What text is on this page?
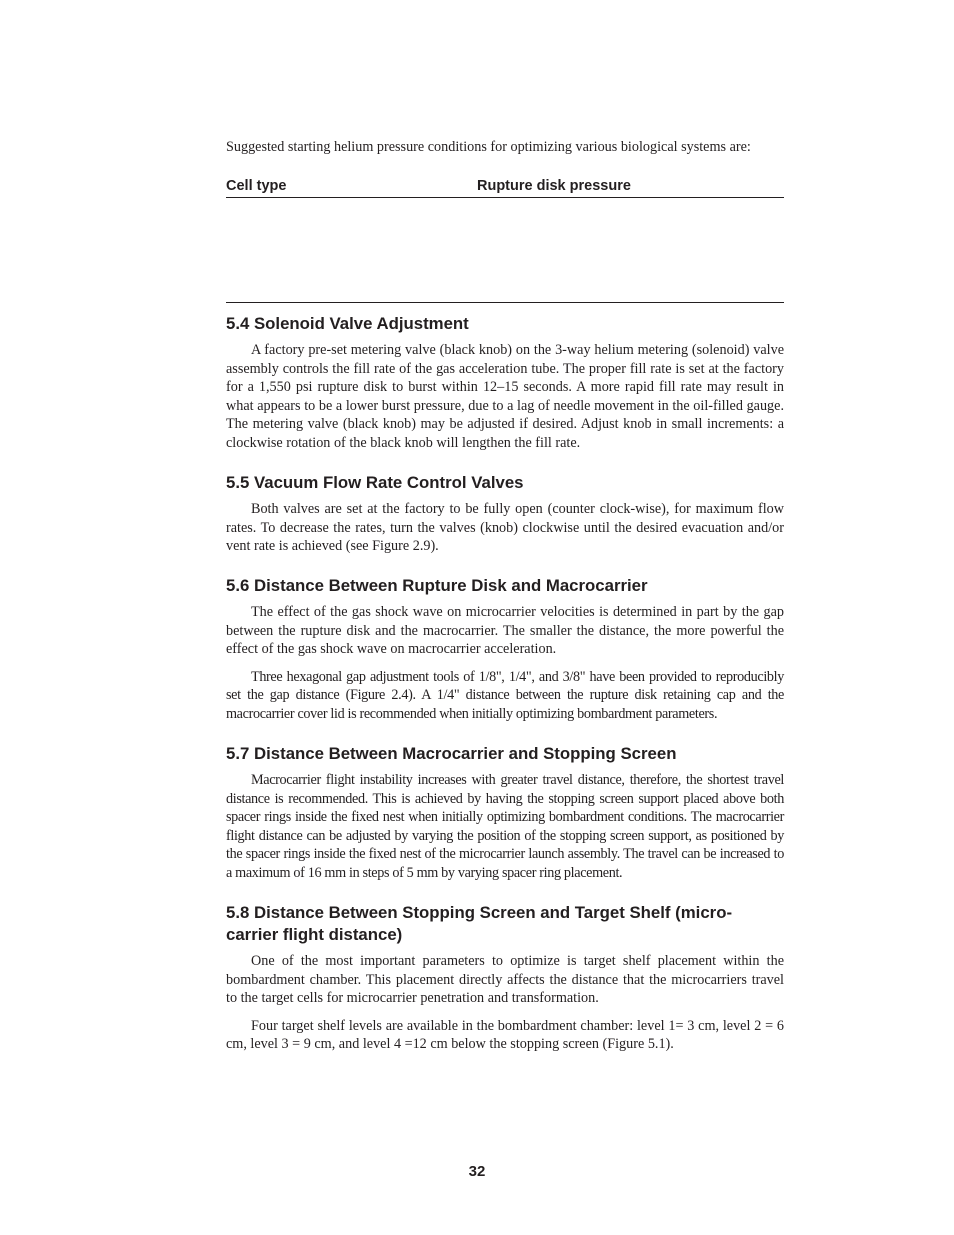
Suggested starting helium pressure conditions for optimizing various biological systems are:

Cell type	Rupture disk pressure
5.4 Solenoid Valve Adjustment

A factory pre-set metering valve (black knob) on the 3-way helium metering (solenoid) valve assembly controls the fill rate of the gas acceleration tube. The proper fill rate is set at the factory for a 1,550 psi rupture disk to burst within 12–15 seconds. A more rapid fill rate may result in what appears to be a lower burst pressure, due to a lag of needle movement in the oil-filled gauge. The metering valve (black knob) may be adjusted if desired. Adjust knob in small increments: a clockwise rotation of the black knob will lengthen the fill rate.

5.5 Vacuum Flow Rate Control Valves

Both valves are set at the factory to be fully open (counter clock-wise), for maximum flow rates. To decrease the rates, turn the valves (knob) clockwise until the desired evacuation and/or vent rate is achieved (see Figure 2.9).

5.6 Distance Between Rupture Disk and Macrocarrier

The effect of the gas shock wave on microcarrier velocities is determined in part by the gap between the rupture disk and the macrocarrier. The smaller the distance, the more powerful the effect of the gas shock wave on macrocarrier acceleration.

Three hexagonal gap adjustment tools of 1/8", 1/4", and 3/8" have been provided to reproducibly set the gap distance (Figure 2.4). A 1/4" distance between the rupture disk retaining cap and the macrocarrier cover lid is recommended when initially optimizing bombardment parameters.

5.7 Distance Between Macrocarrier and Stopping Screen

Macrocarrier flight instability increases with greater travel distance, therefore, the shortest travel distance is recommended. This is achieved by having the stopping screen support placed above both spacer rings inside the fixed nest when initially optimizing bombardment conditions. The macrocarrier flight distance can be adjusted by varying the position of the stopping screen support, as positioned by the spacer rings inside the fixed nest of the microcarrier launch assembly. The travel can be increased to a maximum of 16 mm in steps of 5 mm by varying spacer ring placement.

5.8 Distance Between Stopping Screen and Target Shelf (micro-carrier flight distance)

One of the most important parameters to optimize is target shelf placement within the bombardment chamber. This placement directly affects the distance that the microcarriers travel to the target cells for microcarrier penetration and transformation.

Four target shelf levels are available in the bombardment chamber: level 1= 3 cm, level 2 = 6 cm, level 3 = 9 cm, and level 4 =12 cm below the stopping screen (Figure 5.1).

32
